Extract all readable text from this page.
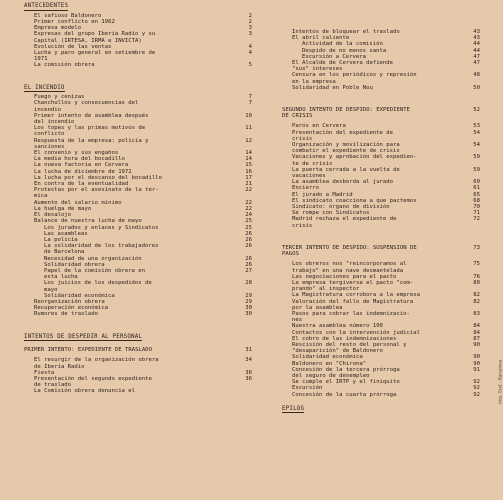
ANTECEDENTES
El safioso Baldonero	2
Primer conflicto en 1962	2
Empresa modelo	3
Expresas del grupo Iberia Radio y su
Capital (IRTESA, IRMA e INVICTA)
3
Evolución de las ventas	4
Lucha y paro general en setiembre de
1971
4
La comisión obrera	5
EL INCENDIO
Fuego y cenizas	7
Chanchullos y consecuencias del
incendio
7
Primer intento de asamblea después
del incendio
10
Los topes y las primas motivos de
conflicto
11
Respuesta de la empresa: policía y
sanciones
12
El convenio y sus engaños	14
La media hora del bocadillo	14
La nueva factoría en Cervera	15
La lucha de diciembre de 1972	16
La lucha por el descanso del bocadillo	17
En contra de la eventualidad	21
Protestas por el asesinato de la tér-
mica
22
Aumento del salario mínimo	22
La huelga de mayo	22
El desalojo	24
Balance de nuestra lucha de mayo	25
Los jurados y enlaces y Sindicatos	25
Las asambleas	26
La policía	26
La solidaridad de los trabajadores
de Barcelona
26
Necesidad de una organización	26
Solidaridad obrera	26
Papel de la comisión obrera en
esta lucha
27
Los juicios de los despedidos de
mayo
28
Solidaridad económica	29
Reorganización obrera	29
Recuperación económica	30
Rumores de traslado	30
INTENTOS DE DESPEDIR AL PERSONAL
PRIMER INTENTO: EXPEDIENTE DE TRASLADO	31
El resurgir de la organización obrera
de Iberia Radio
34
Fiesta	36
Presentación del segundo expediente
de traslado
36
La Comisión obrera denuncia el
Intentos de bloquear el traslado	43
El abril caliente	43
Actividad de la comisión	44
Despido de no menos santa	44
Excursión a Cervera	47
El Alcalde de Cervera defiende
"sus" intereses
47
Censura en los periódicos y represión
en la empresa
48
Solidaridad en Poble Nou	50
SEGUNDO INTENTO DE DESPIDO: EXPEDIENTE
DE CRISIS
52
Paros en Cervera	53
Presentación del expediente de
crisis
54
Organización y movilización para
combatir el expediente de crisis
54
Vacaciones y aprobación del expedien-
te de crisis
59
La puerta cerrada a la vuelta de
vacaciones
59
La asamblea desborda al jurado	60
Encierro	61
El jurado a Madrid	65
El sindicato coacciona a que pactemos	68
Sindicato: órgano de división	70
Se rompe con Sindicatos	71
Madrid rechaza el expediente de
crisis
72
TERCER INTENTO DE DESPIDO: SUSPENSION DE
PAGOS
73
Los obreros nos "reincorporamos al
trabajo" en una nave desmantelada
75
Las negociaciones para el pacto	76
La empresa tergiversa el pacto "com-
prando" al inspector
80
La Magistratura corrobora a la empresa	82
Valoración del fallo de Magistratura
por la asamblea
82
Pasos para cobrar las indemnizacio-
nes
83
Nuestra asamblea número 100	84
Contactos con la intervención judicial	84
El cobro de las indemnizaciones	87
Rescisión del resto del personal y
"desaparición" de Baldonero
90
Solidaridad económica	90
Baldonero en "Chirona"	90
Concesión de la tercera prórroga
del seguro de desempleo
91
Se cumple el IRTP y el finiquito	92
Excursión	92
Concesión de la cuarta prórroga	92
EPILOG
Imp. Graf. - Barcelona
